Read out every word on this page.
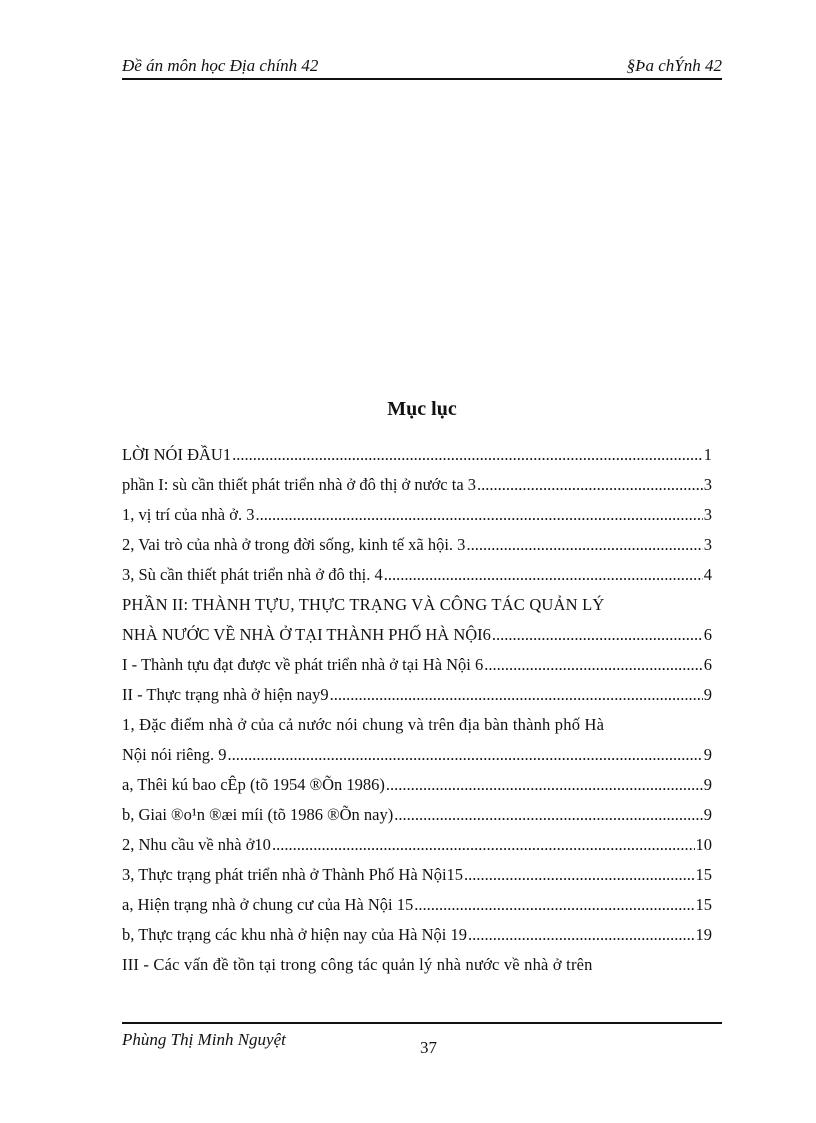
Đề án môn học Địa chính 42	§Þa chÝnh 42
Mục lục
LỜI NÓI ĐẦU1 .....	1
phần I: sù cần thiết phát triển nhà ở đô thị ở nước ta 3 .....	3
1, vị trí của nhà ở. 3 .....	3
2, Vai trò của nhà ở trong đời sống, kinh tế xã hội. 3 .....	3
3, Sù cần thiết phát triển nhà ở đô thị. 4 .....	4
PHẦN II: THÀNH TỰU, THỰC TRẠNG VÀ CÔNG TÁC QUẢN LÝ
NHÀ NƯỚC VỀ NHÀ Ở TẠI THÀNH PHỐ HÀ NỘI6 .....	6
I - Thành tựu đạt được về phát triển nhà ở tại Hà Nội 6 .....	6
II - Thực trạng nhà ở hiện nay9 .....	9
1, Đặc điểm nhà ở của cả nước nói chung và trên địa bàn thành phố Hà
Nội nói riêng. 9 .....	9
a, Thêi kú bao cÊp (tõ 1954 ®Õn 1986) .....	9
b, Giai ®o¹n ®æi míi (tõ 1986 ®Õn nay) .....	9
2, Nhu cầu về nhà ở10 .....	10
3, Thực trạng phát triển nhà ở Thành Phố Hà Nội15 .....	15
a, Hiện trạng nhà ở chung cư của Hà Nội 15 .....	15
b, Thực trạng các khu nhà ở hiện nay của Hà Nội 19 .....	19
III - Các vấn đề tồn tại trong công tác quản lý nhà nước về nhà ở trên
Phùng Thị Minh Nguyệt	37
